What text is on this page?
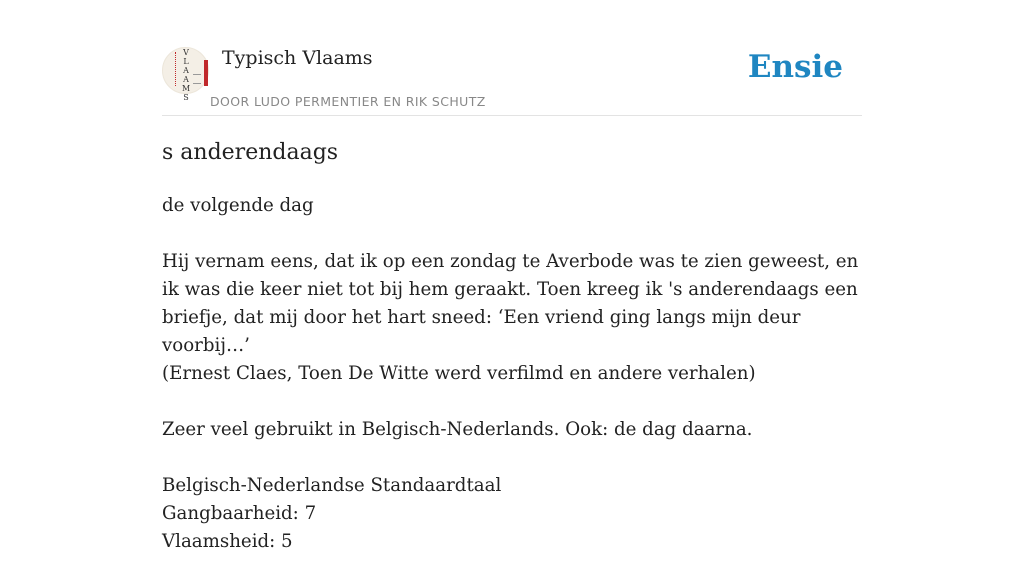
V
L
A
A
M
S
Typisch Vlaams
DOOR LUDO PERMENTIER EN RIK SCHUTZ
Ensie
s anderendaags

de volgende dag

Hij vernam eens, dat ik op een zondag te Averbode was te zien geweest, en ik was die keer niet tot bij hem geraakt. Toen kreeg ik 's anderendaags een briefje, dat mij door het hart sneed: ‘Een vriend ging langs mijn deur voorbij…’
(Ernest Claes, Toen De Witte werd verfilmd en andere verhalen)

Zeer veel gebruikt in Belgisch-Nederlands. Ook: de dag daarna.

Belgisch-Nederlandse Standaardtaal
Gangbaarheid: 7
Vlaamsheid: 5
